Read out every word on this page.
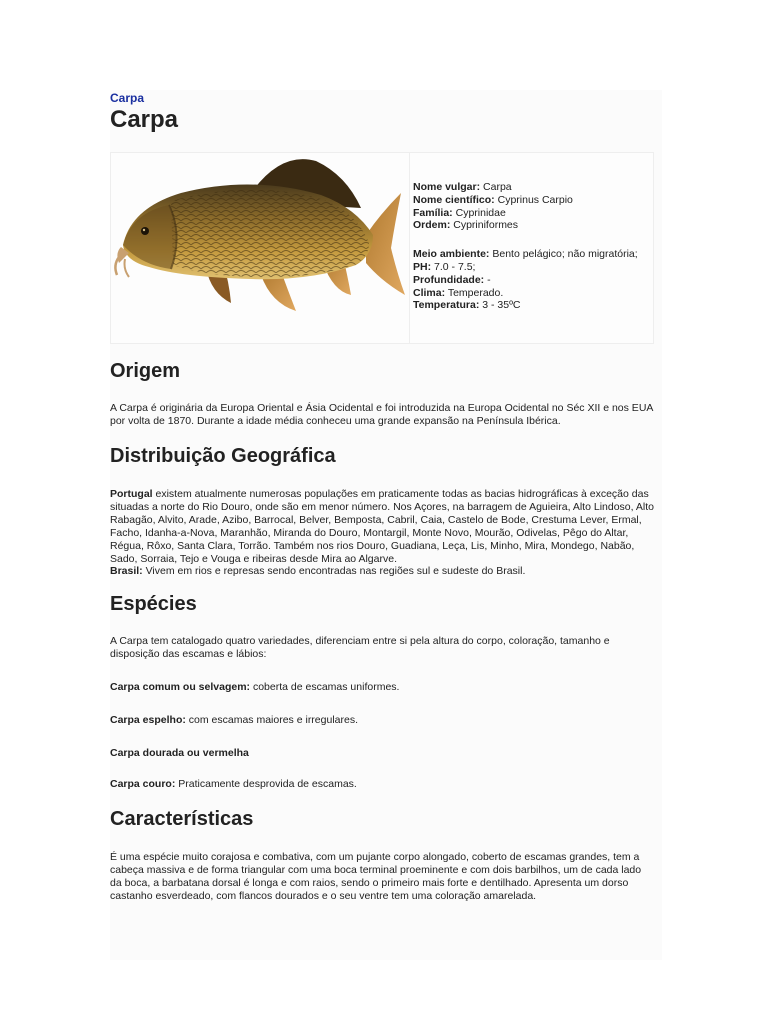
Carpa
Carpa
Nome vulgar: Carpa
Nome científico: Cyprinus Carpio
Família: Cyprinidae
Ordem: Cypriniformes
Meio ambiente: Bento pelágico; não migratória;
PH: 7.0 - 7.5;
Profundidade: -
Clima: Temperado.
Temperatura: 3 - 35ºC
Origem

A Carpa é originária da Europa Oriental e Ásia Ocidental e foi introduzida na Europa Ocidental no Séc XII e nos EUA por volta de 1870. Durante a idade média conheceu uma grande expansão na Península Ibérica.

Distribuição Geográfica

Portugal existem atualmente numerosas populações em praticamente todas as bacias hidrográficas à exceção das situadas a norte do Rio Douro, onde são em menor número. Nos Açores, na barragem de Aguieira, Alto Lindoso, Alto Rabagão, Alvito, Arade, Azibo, Barrocal, Belver, Bemposta, Cabril, Caia, Castelo de Bode, Crestuma Lever, Ermal, Facho, Idanha-a-Nova, Maranhão, Miranda do Douro, Montargil, Monte Novo, Mourão, Odivelas, Pêgo do Altar, Régua, Rôxo, Santa Clara, Torrão. Também nos rios Douro, Guadiana, Leça, Lis, Minho, Mira, Mondego, Nabão, Sado, Sorraia, Tejo e Vouga e ribeiras desde Mira ao Algarve.
Brasil: Vivem em rios e represas sendo encontradas nas regiões sul e sudeste do Brasil.

Espécies

A Carpa tem catalogado quatro variedades, diferenciam entre si pela altura do corpo, coloração, tamanho e disposição das escamas e lábios:

Carpa comum ou selvagem: coberta de escamas uniformes.

Carpa espelho: com escamas maiores e irregulares.

Carpa dourada ou vermelha

Carpa couro: Praticamente desprovida de escamas.

Características

É uma espécie muito corajosa e combativa, com um pujante corpo alongado, coberto de escamas grandes, tem a cabeça massiva e de forma triangular com uma boca terminal proeminente e com dois barbilhos, um de cada lado da boca, a barbatana dorsal é longa e com raios, sendo o primeiro mais forte e dentilhado. Apresenta um dorso castanho esverdeado, com flancos dourados e o seu ventre tem uma coloração amarelada.
